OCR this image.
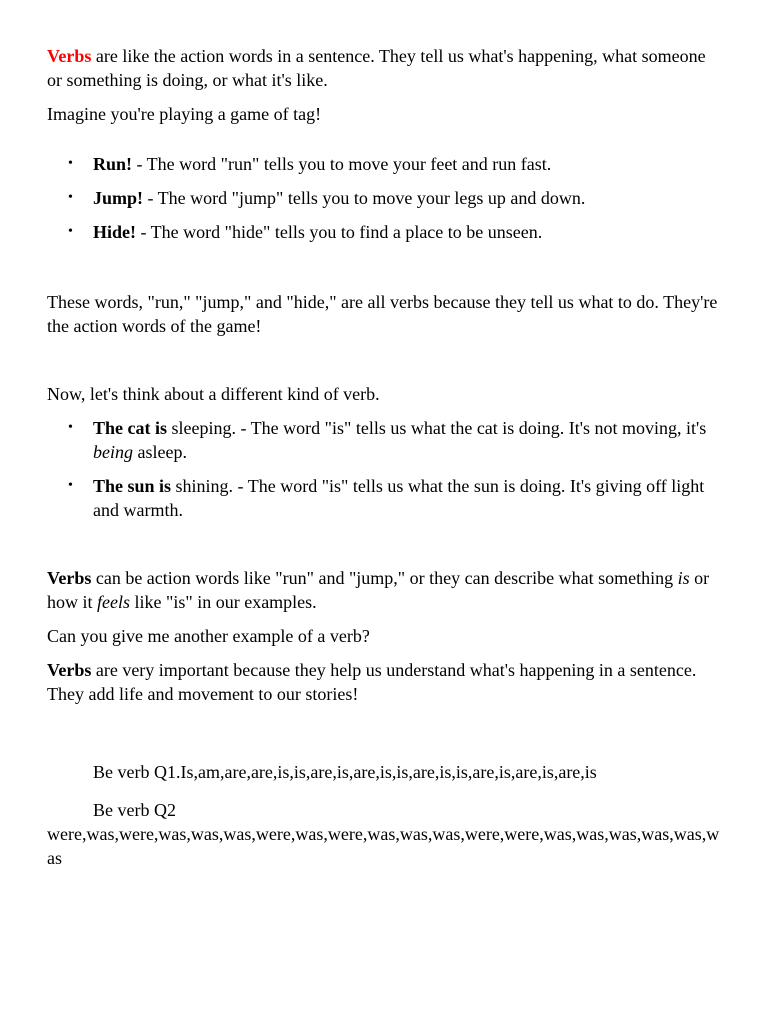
Verbs are like the action words in a sentence. They tell us what's happening, what someone or something is doing, or what it's like.

Imagine you're playing a game of tag!

• Run! - The word "run" tells you to move your feet and run fast.
• Jump! - The word "jump" tells you to move your legs up and down.
• Hide! - The word "hide" tells you to find a place to be unseen.

These words, "run," "jump," and "hide," are all verbs because they tell us what to do. They're the action words of the game!

Now, let's think about a different kind of verb.

• The cat is sleeping. - The word "is" tells us what the cat is doing. It's not moving, it's being asleep.
• The sun is shining. - The word "is" tells us what the sun is doing. It's giving off light and warmth.

Verbs can be action words like "run" and "jump," or they can describe what something is or how it feels like "is" in our examples.

Can you give me another example of a verb?

Verbs are very important because they help us understand what's happening in a sentence. They add life and movement to our stories!

Be verb Q1.Is,am,are,are,is,is,are,is,are,is,is,are,is,is,are,is,are,is,are,is

Be verb Q2

were,was,were,was,was,was,were,was,were,was,was,was,were,were,was,was,was,was,was,was
